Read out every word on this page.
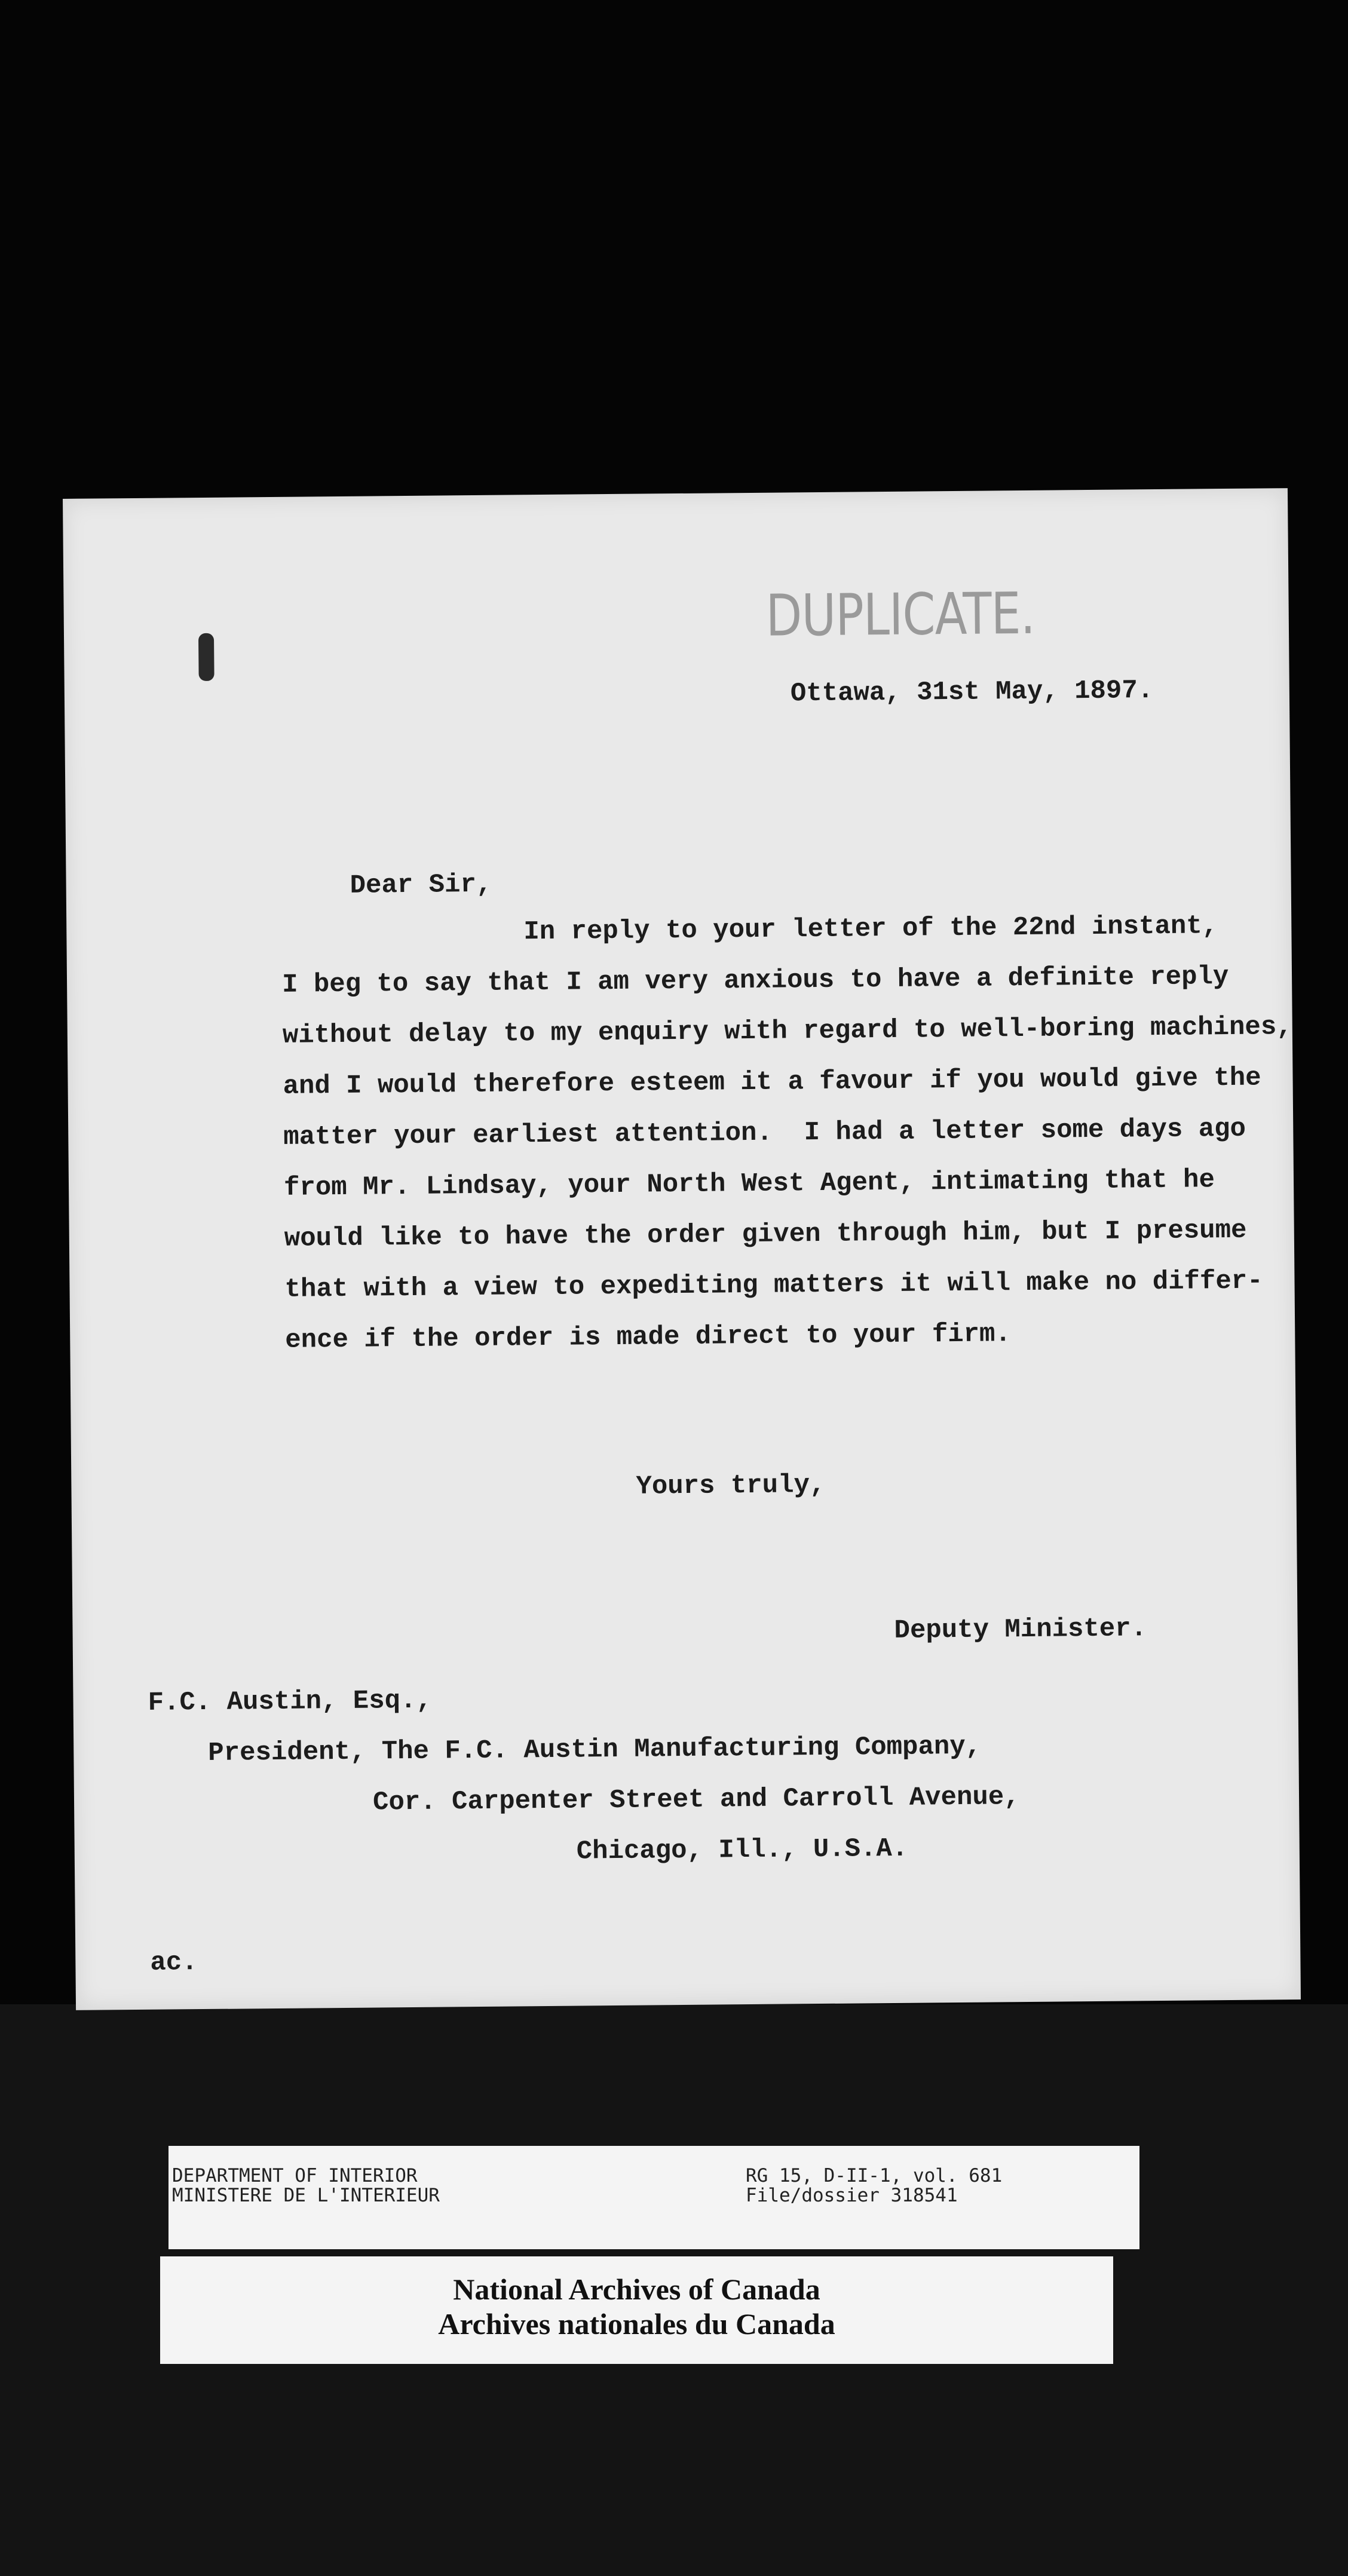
DUPLICATE.
Ottawa, 31st May, 1897.
Dear Sir,
In reply to your letter of the 22nd instant,
I beg to say that I am very anxious to have a definite reply
without delay to my enquiry with regard to well-boring machines,
and I would therefore esteem it a favour if you would give the
matter your earliest attention.  I had a letter some days ago
from Mr. Lindsay, your North West Agent, intimating that he
would like to have the order given through him, but I presume
that with a view to expediting matters it will make no differ-
ence if the order is made direct to your firm.
Yours truly,
Deputy Minister.
F.C. Austin, Esq.,
President, The F.C. Austin Manufacturing Company,
Cor. Carpenter Street and Carroll Avenue,
Chicago, Ill., U.S.A.
ac.
DEPARTMENT OF INTERIOR
MINISTERE DE L'INTERIEUR
RG 15, D-II-1, vol. 681
File/dossier 318541
National Archives of Canada
Archives nationales du Canada
